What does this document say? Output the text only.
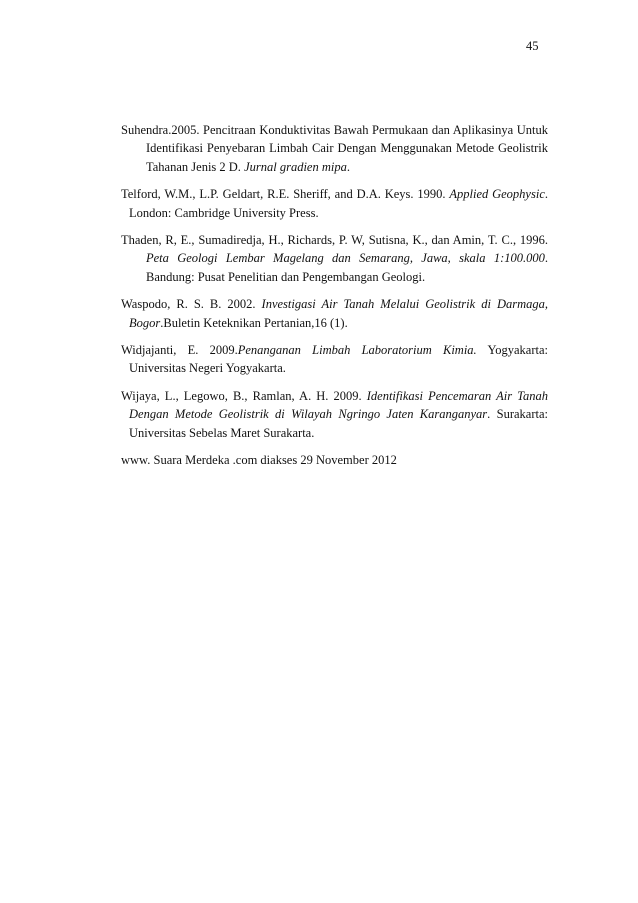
45

Suhendra.2005. Pencitraan Konduktivitas Bawah Permukaan dan Aplikasinya Untuk Identifikasi Penyebaran Limbah Cair Dengan Menggunakan Metode Geolistrik Tahanan Jenis 2 D. Jurnal gradien mipa.

Telford, W.M., L.P. Geldart, R.E. Sheriff, and D.A. Keys. 1990. Applied Geophysic. London: Cambridge University Press.

Thaden, R, E., Sumadiredja, H., Richards, P. W, Sutisna, K., dan Amin, T. C., 1996. Peta Geologi Lembar Magelang dan Semarang, Jawa, skala 1:100.000. Bandung: Pusat Penelitian dan Pengembangan Geologi.

Waspodo, R. S. B. 2002. Investigasi Air Tanah Melalui Geolistrik di Darmaga, Bogor.Buletin Keteknikan Pertanian,16 (1).

Widjajanti, E. 2009.Penanganan Limbah Laboratorium Kimia. Yogyakarta: Universitas Negeri Yogyakarta.

Wijaya, L., Legowo, B., Ramlan, A. H. 2009. Identifikasi Pencemaran Air Tanah Dengan Metode Geolistrik di Wilayah Ngringo Jaten Karanganyar. Surakarta: Universitas Sebelas Maret Surakarta.

www. Suara Merdeka .com diakses 29 November 2012
